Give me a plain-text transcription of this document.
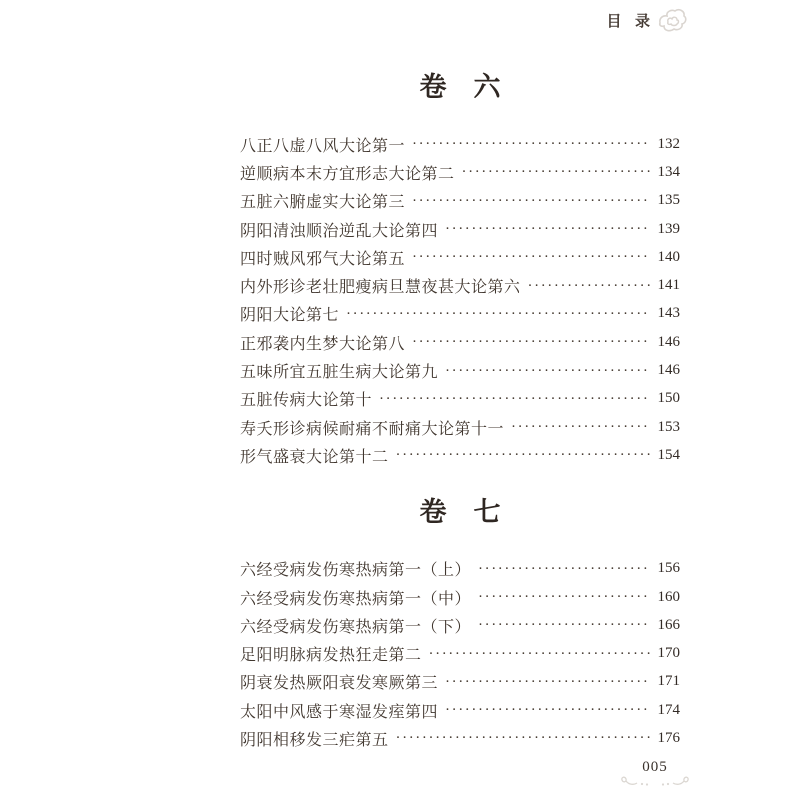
目  录
卷　六
八正八虚八风大论第一 ·····	132
逆顺病本末方宜形志大论第二 ·····	134
五脏六腑虚实大论第三 ·····	135
阴阳清浊顺治逆乱大论第四 ·····	139
四时贼风邪气大论第五 ·····	140
内外形诊老壮肥瘦病旦慧夜甚大论第六 ·····	141
阴阳大论第七 ·····	143
正邪袭内生梦大论第八 ·····	146
五味所宜五脏生病大论第九 ·····	146
五脏传病大论第十 ·····	150
寿夭形诊病候耐痛不耐痛大论第十一 ·····	153
形气盛衰大论第十二 ·····	154
卷　七
六经受病发伤寒热病第一（上） ·····	156
六经受病发伤寒热病第一（中） ·····	160
六经受病发伤寒热病第一（下） ·····	166
足阳明脉病发热狂走第二 ·····	170
阴衰发热厥阳衰发寒厥第三 ·····	171
太阳中风感于寒湿发痓第四 ·····	174
阴阳相移发三疟第五 ·····	176
005
